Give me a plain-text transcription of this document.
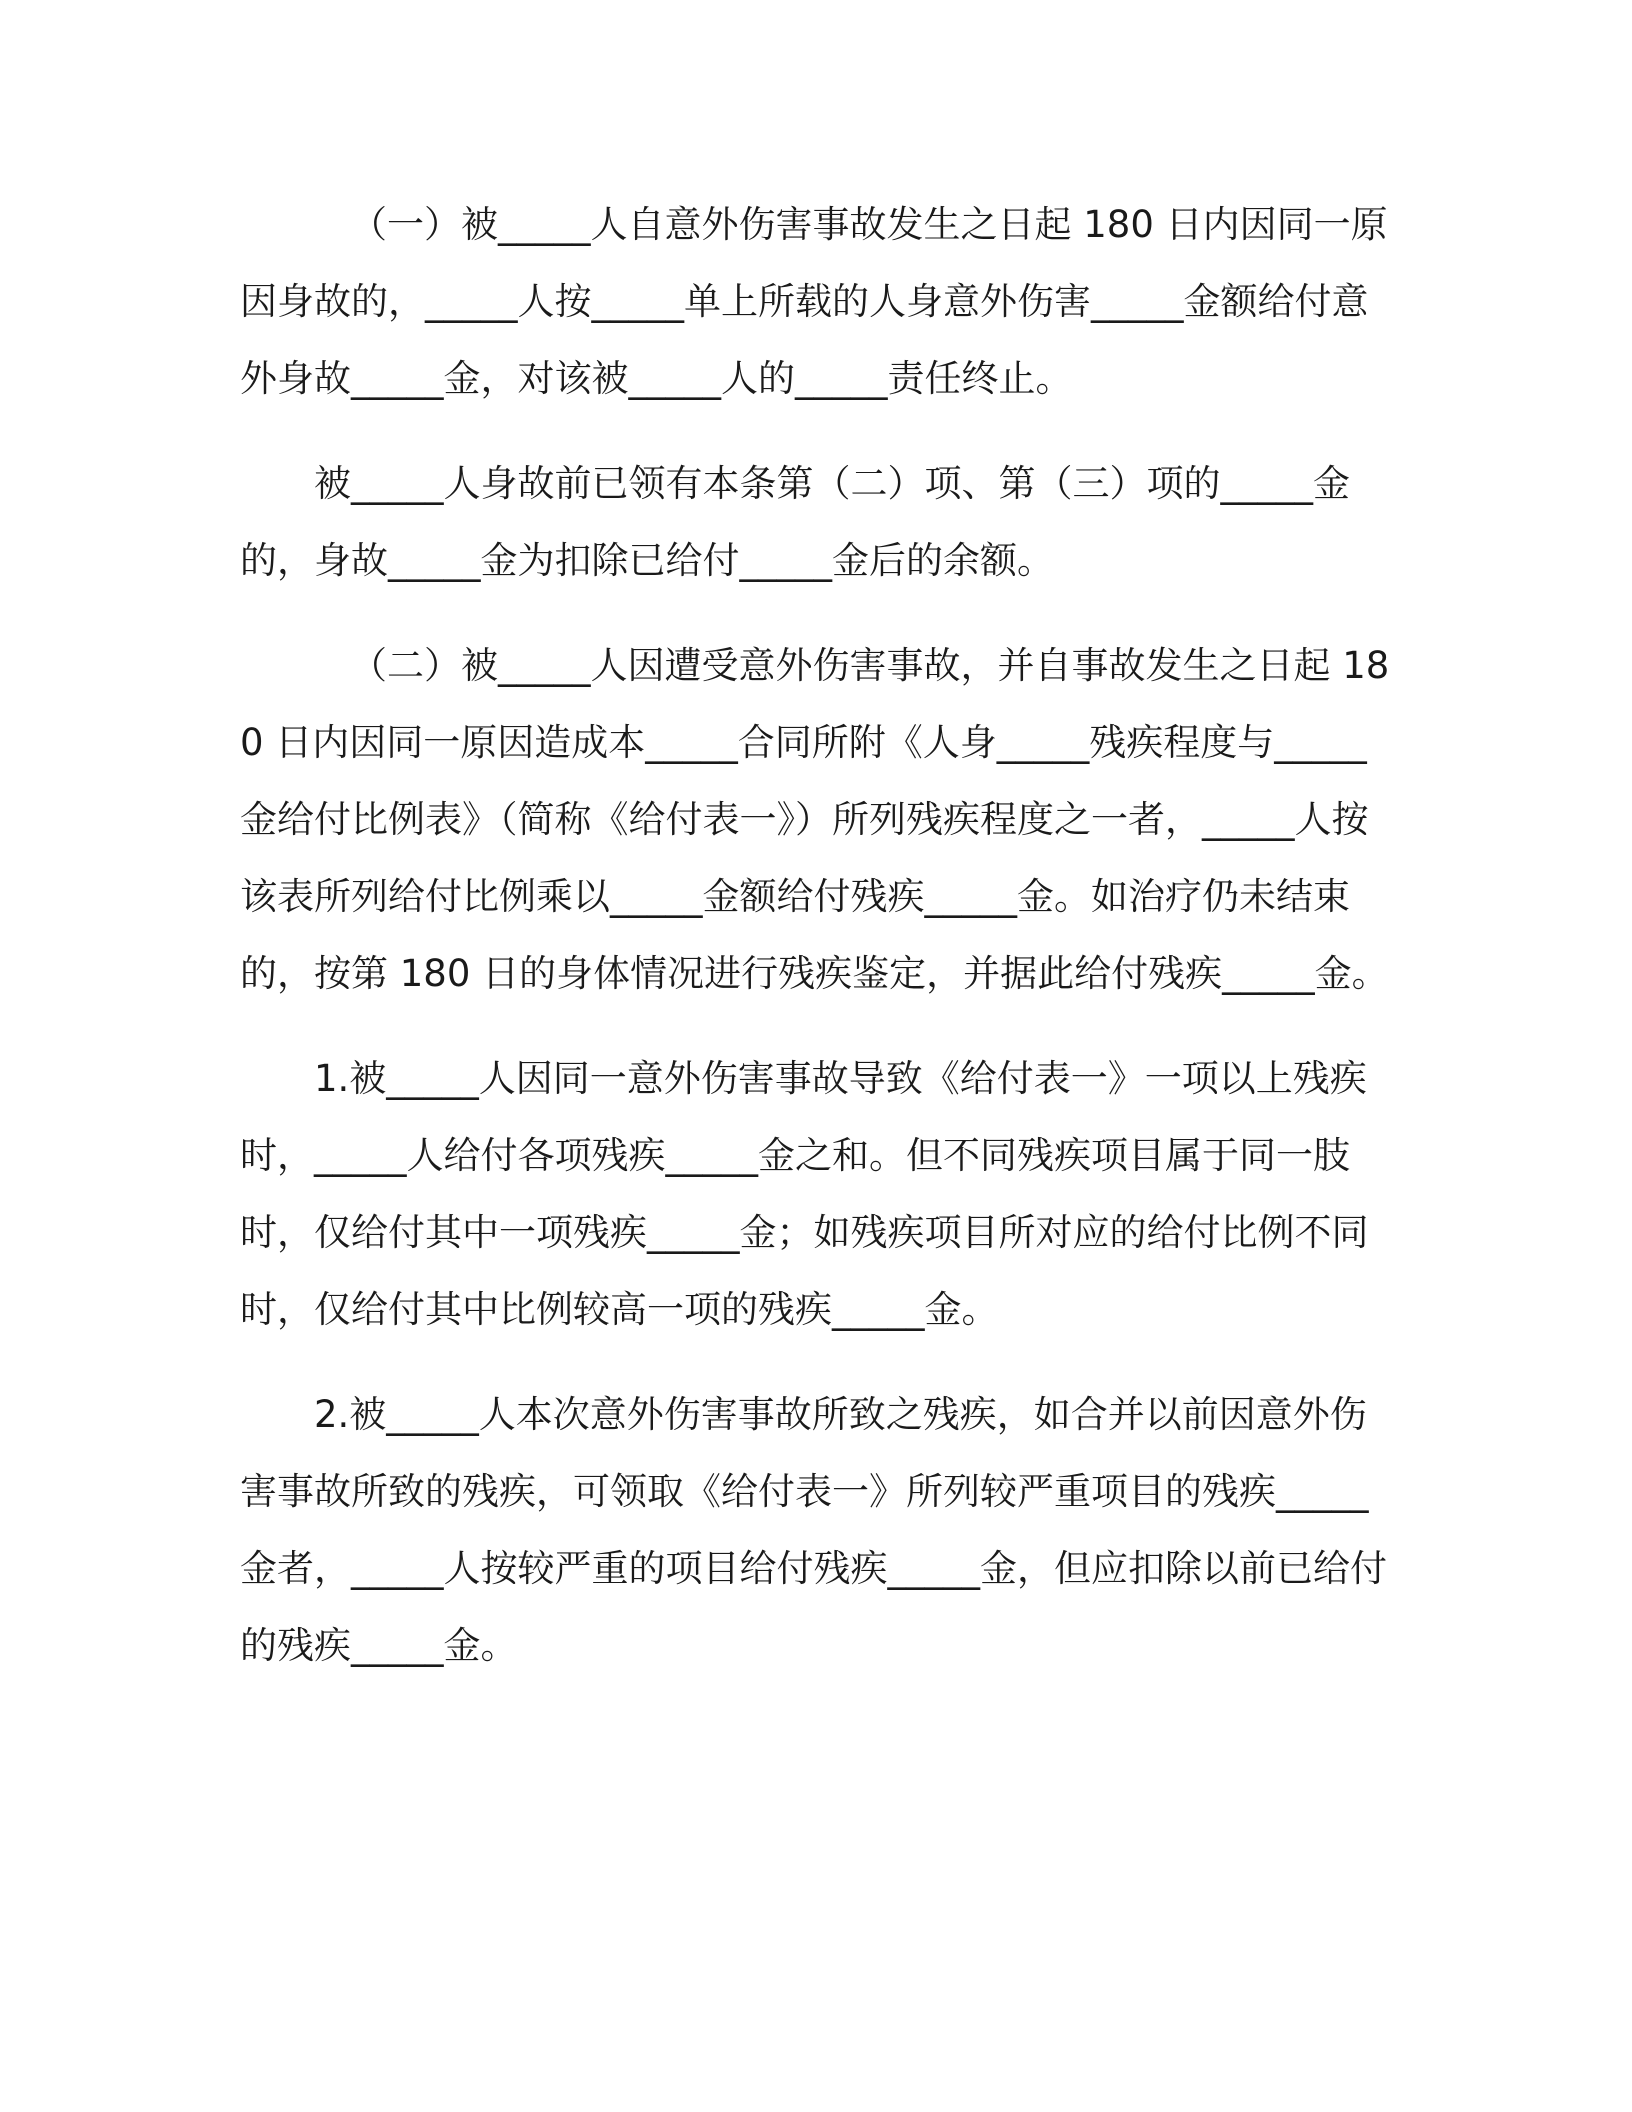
（一）被_____人自意外伤害事故发生之日起 180 日内因同一原因身故的，_____人按_____单上所载的人身意外伤害_____金额给付意外身故_____金，对该被_____人的_____责任终止。

被_____人身故前已领有本条第（二）项、第（三）项的_____金的，身故_____金为扣除已给付_____金后的余额。

（二）被_____人因遭受意外伤害事故，并自事故发生之日起 180 日内因同一原因造成本_____合同所附《人身_____残疾程度与_____金给付比例表》（简称《给付表一》）所列残疾程度之一者，_____人按该表所列给付比例乘以_____金额给付残疾_____金。如治疗仍未结束的，按第 180 日的身体情况进行残疾鉴定，并据此给付残疾_____金。

1.被_____人因同一意外伤害事故导致《给付表一》一项以上残疾时，_____人给付各项残疾_____金之和。但不同残疾项目属于同一肢时，仅给付其中一项残疾_____金；如残疾项目所对应的给付比例不同时，仅给付其中比例较高一项的残疾_____金。

2.被_____人本次意外伤害事故所致之残疾，如合并以前因意外伤害事故所致的残疾，可领取《给付表一》所列较严重项目的残疾_____金者，_____人按较严重的项目给付残疾_____金，但应扣除以前已给付的残疾_____金。
